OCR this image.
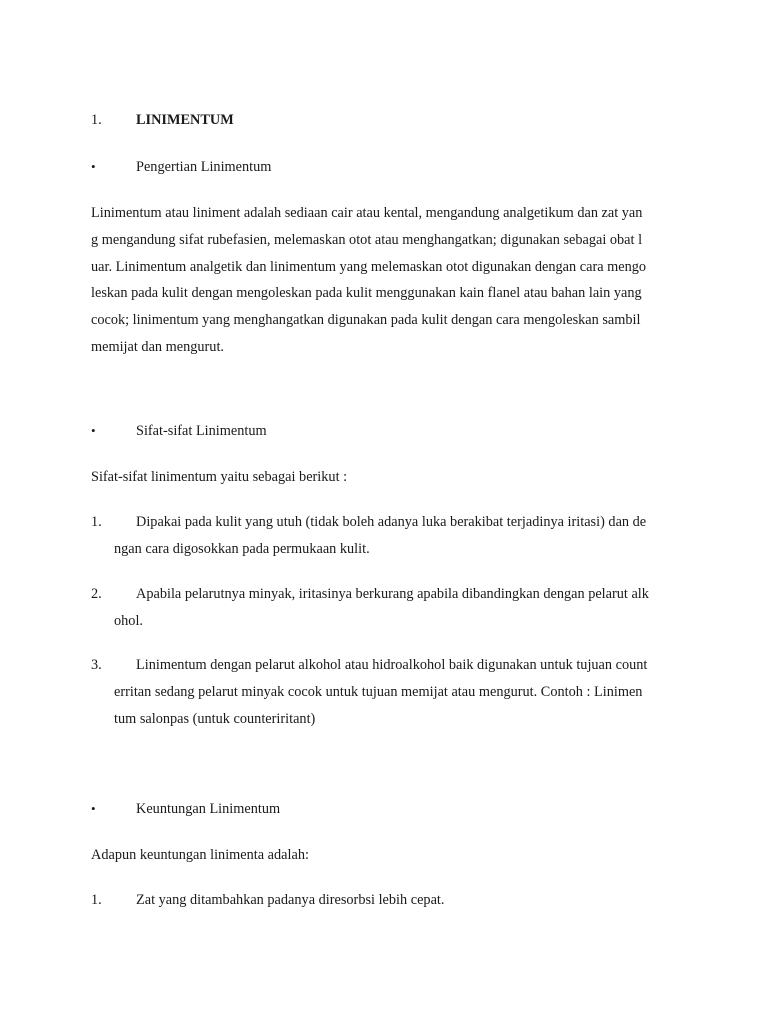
1. LINIMENTUM
•	Pengertian Linimentum
Linimentum atau liniment adalah sediaan cair atau kental, mengandung analgetikum dan zat yan
g mengandung sifat rubefasien, melemaskan otot atau menghangatkan; digunakan sebagai obat l
uar. Linimentum analgetik dan linimentum yang melemaskan otot digunakan dengan cara mengo
leskan pada kulit dengan mengoleskan pada kulit menggunakan kain flanel atau bahan lain yang
cocok; linimentum yang menghangatkan digunakan pada kulit dengan cara mengoleskan sambil
memijat dan mengurut.
•	Sifat-sifat Linimentum
Sifat-sifat linimentum yaitu sebagai berikut :
1. Dipakai pada kulit yang utuh (tidak boleh adanya luka berakibat terjadinya iritasi) dan de
ngan cara digosokkan pada permukaan kulit.
2. Apabila pelarutnya minyak, iritasinya berkurang apabila dibandingkan dengan pelarut alk
ohol.
3. Linimentum dengan pelarut alkohol atau hidroalkohol baik digunakan untuk tujuan count
erritan sedang pelarut minyak cocok untuk tujuan memijat atau mengurut. Contoh : Linimen
tum salonpas (untuk counteriritant)
•	Keuntungan Linimentum
Adapun keuntungan linimenta adalah:
1. Zat yang ditambahkan padanya diresorbsi lebih cepat.
